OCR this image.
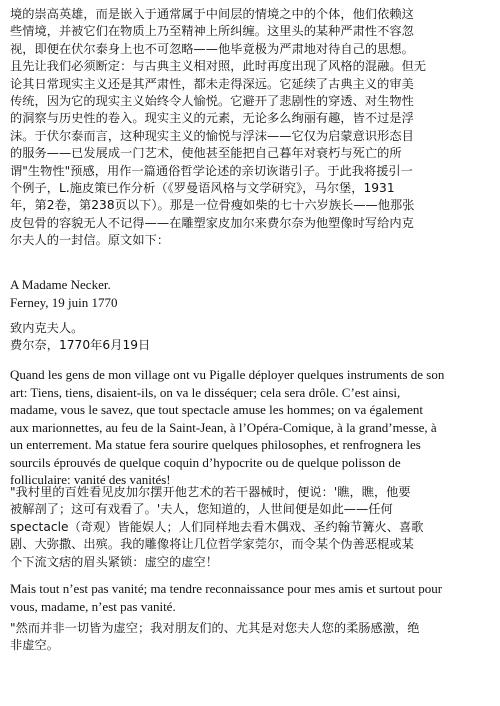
境的崇高英雄，而是嵌入于通常属于中间层的情境之中的个体，他们依赖这

些情境，并被它们在物质上乃至精神上所纠缠。这里头的某种严肃性不容忽

视，即便在伏尔泰身上也不可忽略——他毕竟极为严肃地对待自己的思想。

且先让我们必须断定：与古典主义相对照，此时再度出现了风格的混融。但无

论其日常现实主义还是其严肃性，都未走得深远。它延续了古典主义的审美

传统，因为它的现实主义始终令人愉悦。它避开了悲剧性的穿透、对生物性

的洞察与历史性的卷入。现实主义的元素，无论多么绚丽有趣，皆不过是浮

沫。于伏尔泰而言，这种现实主义的愉悦与浮沫——它仅为启蒙意识形态目

的服务——已发展成一门艺术，使他甚至能把自己暮年对衰朽与死亡的所

谓"生物性"预感，用作一篇通俗哲学论述的亲切诙谐引子。于此我将援引一

个例子，L.施皮策已作分析（《罗曼语风格与文学研究》，马尔堡，1931

年，第2卷，第238页以下）。那是一位骨瘦如柴的七十六岁族长——他那张

皮包骨的容貌无人不记得——在雕塑家皮加尔来费尔奈为他塑像时写给内克

尔夫人的一封信。原文如下：

A Madame Necker.

Ferney, 19 juin 1770

致内克夫人。

费尔奈，1770年6月19日

Quand les gens de mon village ont vu Pigalle déployer quelques instruments de son

art: Tiens, tiens, disaient-ils, on va le disséquer; cela sera drôle. C’est ainsi,

madame, vous le savez, que tout spectacle amuse les hommes; on va également

aux marionnettes, au feu de la Saint-Jean, à l’Opéra-Comique, à la grand’messe, à

un enterrement. Ma statue fera sourire quelques philosophes, et renfrognera les

sourcils éprouvés de quelque coquin d’hypocrite ou de quelque polisson de

folliculaire: vanité des vanités!

"我村里的百姓看见皮加尔摆开他艺术的若干器械时，便说：'瞧，瞧，他要

被解剖了；这可有戏看了。'夫人，您知道的，人世间便是如此——任何

spectacle（奇观）皆能娱人；人们同样地去看木偶戏、圣约翰节篝火、喜歌

剧、大弥撒、出殡。我的雕像将让几位哲学家莞尔，而令某个伪善恶棍或某

个下流文痞的眉头紧锁：虚空的虚空！

Mais tout n’est pas vanité; ma tendre reconnaissance pour mes amis et surtout pour

vous, madame, n’est pas vanité.

"然而并非一切皆为虚空；我对朋友们的、尤其是对您夫人您的柔肠感激，绝

非虚空。
